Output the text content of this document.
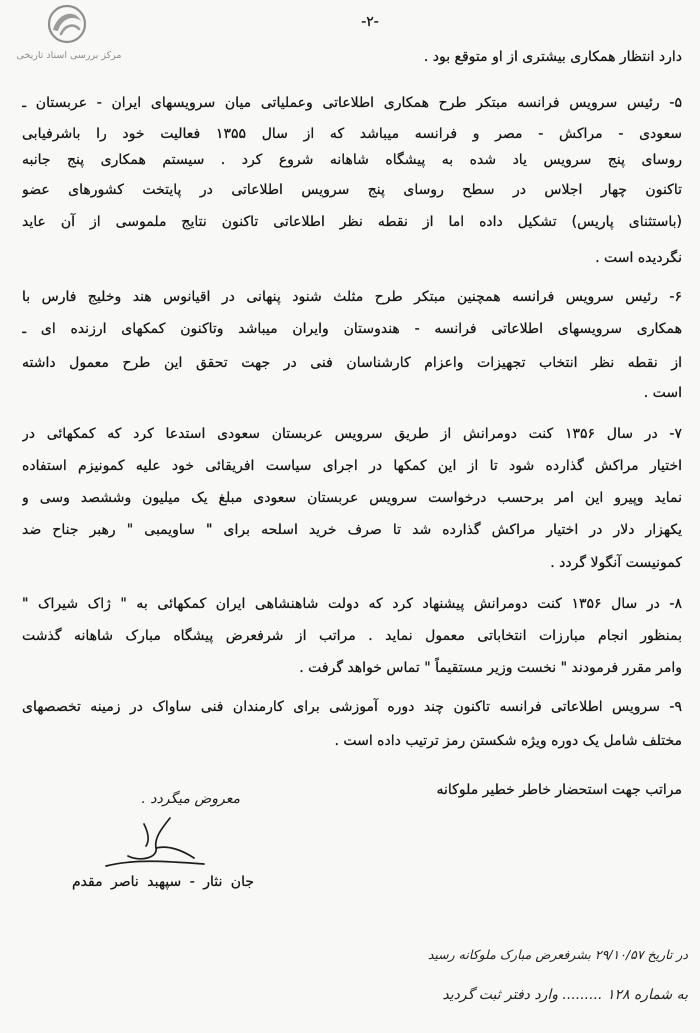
مرکز بررسی اسناد تاریخی
-۲-
دارد انتظار همکاری بیشتری از او متوقع بود .
۵- رئیس سرویس فرانسه مبتکر طرح همکاری اطلاعاتی وعملیاتی میان سرویسهای ایران - عربستان ـ
سعودی - مراکش - مصر و فرانسه میباشد که از سال ۱۳۵۵ فعالیت خود را باشرفیابی
روسای پنج سرویس یاد شده به پیشگاه شاهانه شروع کرد . سیستم همکاری پنج جانبه
تاکنون چهار اجلاس در سطح روسای پنج سرویس اطلاعاتی در پایتخت کشورهای عضو
(باستثنای پاریس) تشکیل داده اما از نقطه نظر اطلاعاتی تاکنون نتایج ملموسی از آن عاید
نگردیده است .
۶- رئیس سرویس فرانسه همچنین مبتکر طرح مثلث شنود پنهانی در اقیانوس هند وخلیج فارس با
همکاری سرویسهای اطلاعاتی فرانسه - هندوستان وایران میباشد وتاکنون کمکهای ارزنده ای ـ
از نقطه نظر انتخاب تجهیزات واعزام کارشناسان فنی در جهت تحقق این طرح معمول داشته
است .
۷- در سال ۱۳۵۶ کنت دومرانش از طریق سرویس عربستان سعودی استدعا کرد که کمکهائی در
اختیار مراکش گذارده شود تا از این کمکها در اجرای سیاست افریقائی خود علیه کمونیزم استفاده
نماید وپیرو این امر برحسب درخواست سرویس عربستان سعودی مبلغ یک میلیون وششصد وسی و
یکهزار دلار در اختیار مراکش گذارده شد تا صرف خرید اسلحه برای " ساویمبی " رهبر جناح ضد
کمونیست آنگولا گردد .
۸- در سال ۱۳۵۶ کنت دومرانش پیشنهاد کرد که دولت شاهنشاهی ایران کمکهائی به " ژاک شیراک "
بمنظور انجام مبارزات انتخاباتی معمول نماید . مراتب از شرفعرض پیشگاه مبارک شاهانه گذشت
وامر مقرر فرمودند " نخست وزیر مستقیماً " تماس خواهد گرفت .
۹- سرویس اطلاعاتی فرانسه تاکنون چند دوره آموزشی برای کارمندان فنی ساواک در زمینه تخصصهای
مختلف شامل یک دوره ویژه شکستن رمز ترتیب داده است .
مراتب جهت استحضار خاطر خطیر ملوکانه
معروض میگردد .
جان نثار - سپهبد ناصر مقدم
در تاریخ ۲۹/۱۰/۵۷ بشرفعرض مبارک ملوکانه رسید
به شماره ۱۲۸ ......... وارد دفتر ثبت گردید
